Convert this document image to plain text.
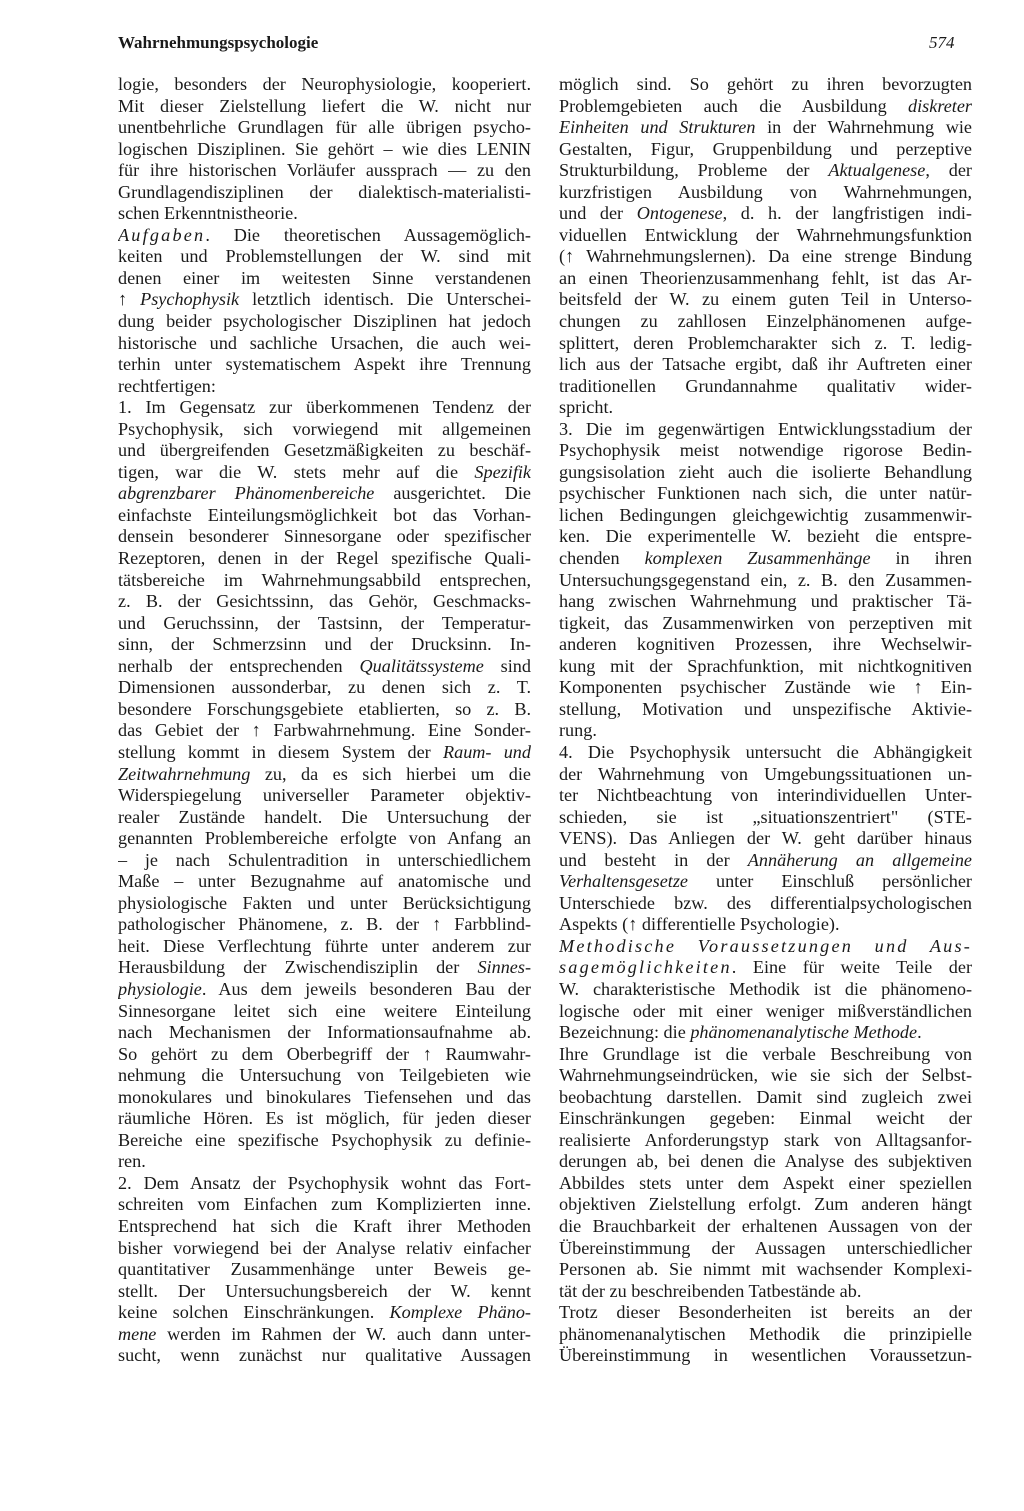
Wahrnehmungspsychologie	574
logie, besonders der Neurophysiologie, kooperiert.
Mit dieser Zielstellung liefert die W. nicht nur
unentbehrliche Grundlagen für alle übrigen psycho-
logischen Disziplinen. Sie gehört – wie dies LENIN
für ihre historischen Vorläufer aussprach — zu den
Grundlagendisziplinen der dialektisch-materialisti-
schen Erkenntnistheorie.
Aufgaben. Die theoretischen Aussagemöglich-
keiten und Problemstellungen der W. sind mit
denen einer im weitesten Sinne verstandenen
↑ Psychophysik letztlich identisch. Die Unterschei-
dung beider psychologischer Disziplinen hat jedoch
historische und sachliche Ursachen, die auch wei-
terhin unter systematischem Aspekt ihre Trennung
rechtfertigen:
1. Im Gegensatz zur überkommenen Tendenz der
Psychophysik, sich vorwiegend mit allgemeinen
und übergreifenden Gesetzmäßigkeiten zu beschäf-
tigen, war die W. stets mehr auf die Spezifik
abgrenzbarer Phänomenbereiche ausgerichtet. Die
einfachste Einteilungsmöglichkeit bot das Vorhan-
densein besonderer Sinnesorgane oder spezifischer
Rezeptoren, denen in der Regel spezifische Quali-
tätsbereiche im Wahrnehmungsabbild entsprechen,
z. B. der Gesichtssinn, das Gehör, Geschmacks-
und Geruchssinn, der Tastsinn, der Temperatur-
sinn, der Schmerzsinn und der Drucksinn. In-
nerhalb der entsprechenden Qualitätssysteme sind
Dimensionen aussonderbar, zu denen sich z. T.
besondere Forschungsgebiete etablierten, so z. B.
das Gebiet der ↑ Farbwahrnehmung. Eine Sonder-
stellung kommt in diesem System der Raum- und
Zeitwahrnehmung zu, da es sich hierbei um die
Widerspiegelung universeller Parameter objektiv-
realer Zustände handelt. Die Untersuchung der
genannten Problembereiche erfolgte von Anfang an
– je nach Schulentradition in unterschiedlichem
Maße – unter Bezugnahme auf anatomische und
physiologische Fakten und unter Berücksichtigung
pathologischer Phänomene, z. B. der ↑ Farbblind-
heit. Diese Verflechtung führte unter anderem zur
Herausbildung der Zwischendisziplin der Sinnes-
physiologie. Aus dem jeweils besonderen Bau der
Sinnesorgane leitet sich eine weitere Einteilung
nach Mechanismen der Informationsaufnahme ab.
So gehört zu dem Oberbegriff der ↑ Raumwahr-
nehmung die Untersuchung von Teilgebieten wie
monokulares und binokulares Tiefensehen und das
räumliche Hören. Es ist möglich, für jeden dieser
Bereiche eine spezifische Psychophysik zu definie-
ren.
2. Dem Ansatz der Psychophysik wohnt das Fort-
schreiten vom Einfachen zum Komplizierten inne.
Entsprechend hat sich die Kraft ihrer Methoden
bisher vorwiegend bei der Analyse relativ einfacher
quantitativer Zusammenhänge unter Beweis ge-
stellt. Der Untersuchungsbereich der W. kennt
keine solchen Einschränkungen. Komplexe Phäno-
mene werden im Rahmen der W. auch dann unter-
sucht, wenn zunächst nur qualitative Aussagen
möglich sind. So gehört zu ihren bevorzugten
Problemgebieten auch die Ausbildung diskreter
Einheiten und Strukturen in der Wahrnehmung wie
Gestalten, Figur, Gruppenbildung und perzeptive
Strukturbildung, Probleme der Aktualgenese, der
kurzfristigen Ausbildung von Wahrnehmungen,
und der Ontogenese, d. h. der langfristigen indi-
viduellen Entwicklung der Wahrnehmungsfunktion
(↑ Wahrnehmungslernen). Da eine strenge Bindung
an einen Theorienzusammenhang fehlt, ist das Ar-
beitsfeld der W. zu einem guten Teil in Unterso-
chungen zu zahllosen Einzelphänomenen aufge-
splittert, deren Problemcharakter sich z. T. ledig-
lich aus der Tatsache ergibt, daß ihr Auftreten einer
traditionellen Grundannahme qualitativ wider-
spricht.
3. Die im gegenwärtigen Entwicklungsstadium der
Psychophysik meist notwendige rigorose Bedin-
gungsisolation zieht auch die isolierte Behandlung
psychischer Funktionen nach sich, die unter natür-
lichen Bedingungen gleichgewichtig zusammenwir-
ken. Die experimentelle W. bezieht die entspre-
chenden komplexen Zusammenhänge in ihren
Untersuchungsgegenstand ein, z. B. den Zusammen-
hang zwischen Wahrnehmung und praktischer Tä-
tigkeit, das Zusammenwirken von perzeptiven mit
anderen kognitiven Prozessen, ihre Wechselwir-
kung mit der Sprachfunktion, mit nichtkognitiven
Komponenten psychischer Zustände wie ↑ Ein-
stellung, Motivation und unspezifische Aktivie-
rung.
4. Die Psychophysik untersucht die Abhängigkeit
der Wahrnehmung von Umgebungssituationen un-
ter Nichtbeachtung von interindividuellen Unter-
schieden, sie ist „situationszentriert" (STE-
VENS). Das Anliegen der W. geht darüber hinaus
und besteht in der Annäherung an allgemeine
Verhaltensgesetze unter Einschluß persönlicher
Unterschiede bzw. des differentialpsychologischen
Aspekts (↑ differentielle Psychologie).
Methodische Voraussetzungen und Aus-
sagemöglichkeiten. Eine für weite Teile der
W. charakteristische Methodik ist die phänomeno-
logische oder mit einer weniger mißverständlichen
Bezeichnung: die phänomenanalytische Methode.
Ihre Grundlage ist die verbale Beschreibung von
Wahrnehmungseindrücken, wie sie sich der Selbst-
beobachtung darstellen. Damit sind zugleich zwei
Einschränkungen gegeben: Einmal weicht der
realisierte Anforderungstyp stark von Alltagsanfor-
derungen ab, bei denen die Analyse des subjektiven
Abbildes stets unter dem Aspekt einer speziellen
objektiven Zielstellung erfolgt. Zum anderen hängt
die Brauchbarkeit der erhaltenen Aussagen von der
Übereinstimmung der Aussagen unterschiedlicher
Personen ab. Sie nimmt mit wachsender Komplexi-
tät der zu beschreibenden Tatbestände ab.
Trotz dieser Besonderheiten ist bereits an der
phänomenanalytischen Methodik die prinzipielle
Übereinstimmung in wesentlichen Voraussetzun-
